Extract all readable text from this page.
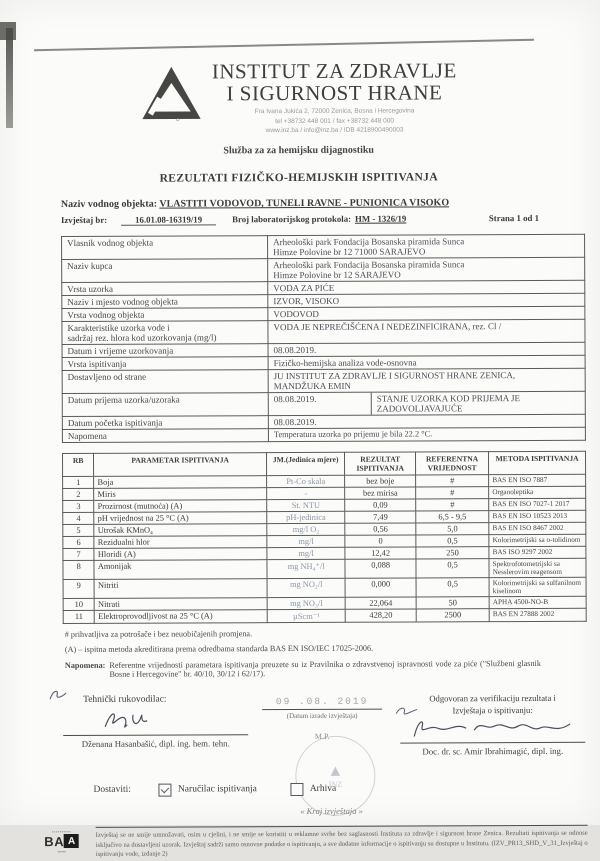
INSTITUT ZA ZDRAVLJE
I SIGURNOST HRANE
Fra Ivana Jukića 2, 72000 Zenica, Bosna i Hercegovina
tel +38732 448 001 / fax +38732 448 000
www.inz.ba / info@inz.ba / IDB 4218900490003
Služba za za hemijsku dijagnostiku
REZULTATI FIZIČKO-HEMIJSKIH ISPITIVANJA
Naziv vodnog objekta: VLASTITI VODOVOD, TUNELI RAVNE - PUNIONICA VISOKO
Izvještaj br:	16.01.08-16319/19	Broj laboratorijskog protokola: HM - 1326/19	Strana 1 od 1
Vlasnik vodnog objekta	Arheološki park Fondacija Bosanska piramida Sunca
Himze Polovine br 12 71000 SARAJEVO
Naziv kupca	Arheološki park Fondacija Bosanska piramida Sunca
Himze Polovine br 12 SARAJEVO
Vrsta uzorka	VODA ZA PIĆE
Naziv i mjesto vodnog objekta	IZVOR, VISOKO
Vrsta vodnog objekta	VODOVOD
Karakteristike uzorka vode i
sadržaj rez. hlora kod uzorkovanja (mg/l)	VODA JE NEPREČIŠĆENA I NEDEZINFICIRANA, rez. Cl /
Datum i vrijeme uzorkovanja	08.08.2019.
Vrsta ispitivanja	Fizičko-hemijska analiza vode-osnovna
Dostavljeno od strane	JU INSTITUT ZA ZDRAVLJE I SIGURNOST HRANE ZENICA,
MANDŽUKA EMIN
Datum prijema uzorka/uzoraka	08.08.2019. STANJE UZORKA KOD PRIJEMA JE ZADOVOLJAVAJUĆE

Datum početka ispitivanja	08.08.2019.
Napomena	Temperatura uzorka po prijemu je bila 22.2 °C.
RB	PARAMETAR ISPITIVANJA	JM.(Jedinica mjere)	REZULTAT ISPITIVANJA	REFERENTNA VRIJEDNOST	METODA ISPITIVANJA
1	Boja	Pt-Co skala	bez boje	#	BAS EN ISO 7887
2	Miris	-	bez mirisa	#	Organoleptika
3	Prozirnost (mutnoća) (A)	St. NTU	0,09	#	BAS EN ISO 7027-1 2017
4	pH vrijednost na 25 °C (A)	pH-jedinica	7,49	6,5 - 9,5	BAS EN ISO 10523 2013
5	Utrošak KMnO₄	mg/l O₂	0,56	5,0	BAS EN ISO 8467 2002
6	Rezidualni hlor	mg/l	0	0,5	Kolorimetrijski sa o-tolidinom
7	Hloridi (A)	mg/l	12,42	250	BAS ISO 9297 2002
8	Amonijak	mg NH₄⁺/l	0,088	0,5	Spektrofotometrijski sa Nesslerovim reagensom
9	Nitriti	mg NO₂/l	0,000	0,5	Kolorimetrijski sa sulfanilnom kiselinom
10	Nitrati	mg NO₃/l	22,064	50	APHA 4500-NO-B
11	Elektroprovodljivost na 25 °C (A)	µScm⁻¹	428,20	2500	BAS EN 27888 2002
# prihvatljiva za potrošače i bez neuobičajenih promjena.
(A) – ispitna metoda akreditirana prema odredbama standarda BAS EN ISO/IEC 17025-2006.
Napomena: Referentne vrijednosti parametara ispitivanja preuzete su iz Pravilnika o zdravstvenoj ispravnosti vode za piće ("Službeni glasnik Bosne i Hercegovine" br. 40/10, 30/12 i 62/17).
Tehnički rukovodilac:
Dženana Hasanbašić, dipl. ing. hem. tehn.
09 .08. 2019
(Datum izrade izvještaja)
M.P.
Odgovoran za verifikaciju rezultata i
Izvještaja o ispitivanju:
Doc. dr. sc. Amir Ibrahimagić, dipl. ing.
▲
INZ
Dostaviti:	Naručilac ispitivanja	Arhiva
« Kraj izvještaja »
▪▪▪▪▪▪▪▪▪▪
BA A
▪▪▪▪▪▪
Izvještaj se ne smije umnožavati, osim u cjelini, i ne smije se koristiti u reklamne svrhe bez saglasnosti Instituta za zdravlje i sigurnost hrane Zenica. Rezultati ispitivanja se odnose isključivo na dostavljeni uzorak. Izvještaj sadrži samo osnovne podatke o ispitivanju, a sve dodatne informacije o ispitivanju su dostupne u Institutu. (IZV_PR13_SHD_V_31_Izvještaj o ispitivanju vode, izdanje 2)
